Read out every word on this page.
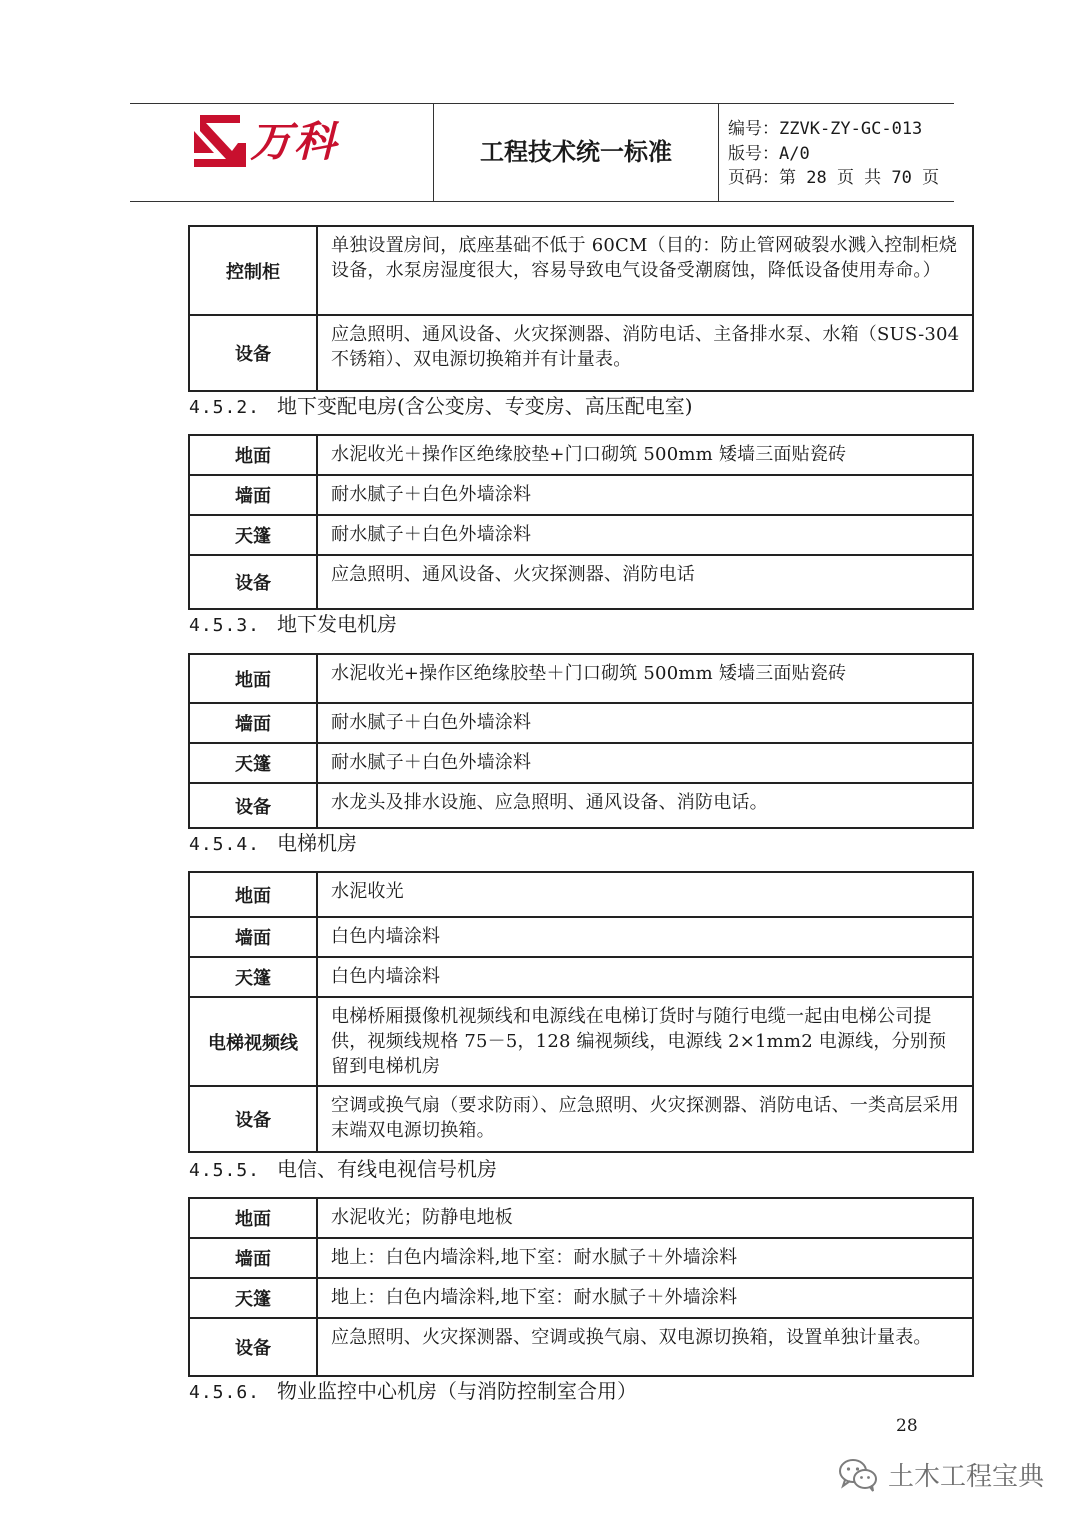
万科	工程技术统一标准
编号：ZZVK-ZY-GC-013
版号：A/0
页码：第 28 页 共 70 页
控制柜	单独设置房间，底座基础不低于 60CM（目的：防止管网破裂水溅入控制柜烧设备，水泵房湿度很大，容易导致电气设备受潮腐蚀，降低设备使用寿命。）
设备	应急照明、通风设备、火灾探测器、消防电话、主备排水泵、水箱（SUS-304不锈箱）、双电源切换箱并有计量表。
4.5.2. 地下变配电房(含公变房、专变房、高压配电室)
地面	水泥收光＋操作区绝缘胶垫+门口砌筑 500mm 矮墙三面贴瓷砖
墙面	耐水腻子＋白色外墙涂料
天篷	耐水腻子＋白色外墙涂料
设备	应急照明、通风设备、火灾探测器、消防电话
4.5.3. 地下发电机房
地面	水泥收光+操作区绝缘胶垫＋门口砌筑 500mm 矮墙三面贴瓷砖
墙面	耐水腻子＋白色外墙涂料
天篷	耐水腻子＋白色外墙涂料
设备	水龙头及排水设施、应急照明、通风设备、消防电话。
4.5.4. 电梯机房
地面	水泥收光
墙面	白色内墙涂料
天篷	白色内墙涂料
电梯视频线	电梯桥厢摄像机视频线和电源线在电梯订货时与随行电缆一起由电梯公司提供，视频线规格 75－5，128 编视频线，电源线 2×1mm2 电源线，分别预留到电梯机房
设备	空调或换气扇（要求防雨）、应急照明、火灾探测器、消防电话、一类高层采用末端双电源切换箱。
4.5.5. 电信、有线电视信号机房
地面	水泥收光；防静电地板
墙面	地上：白色内墙涂料,地下室：耐水腻子＋外墙涂料
天篷	地上：白色内墙涂料,地下室：耐水腻子＋外墙涂料
设备	应急照明、火灾探测器、空调或换气扇、双电源切换箱，设置单独计量表。
4.5.6. 物业监控中心机房（与消防控制室合用）
28
土木工程宝典
